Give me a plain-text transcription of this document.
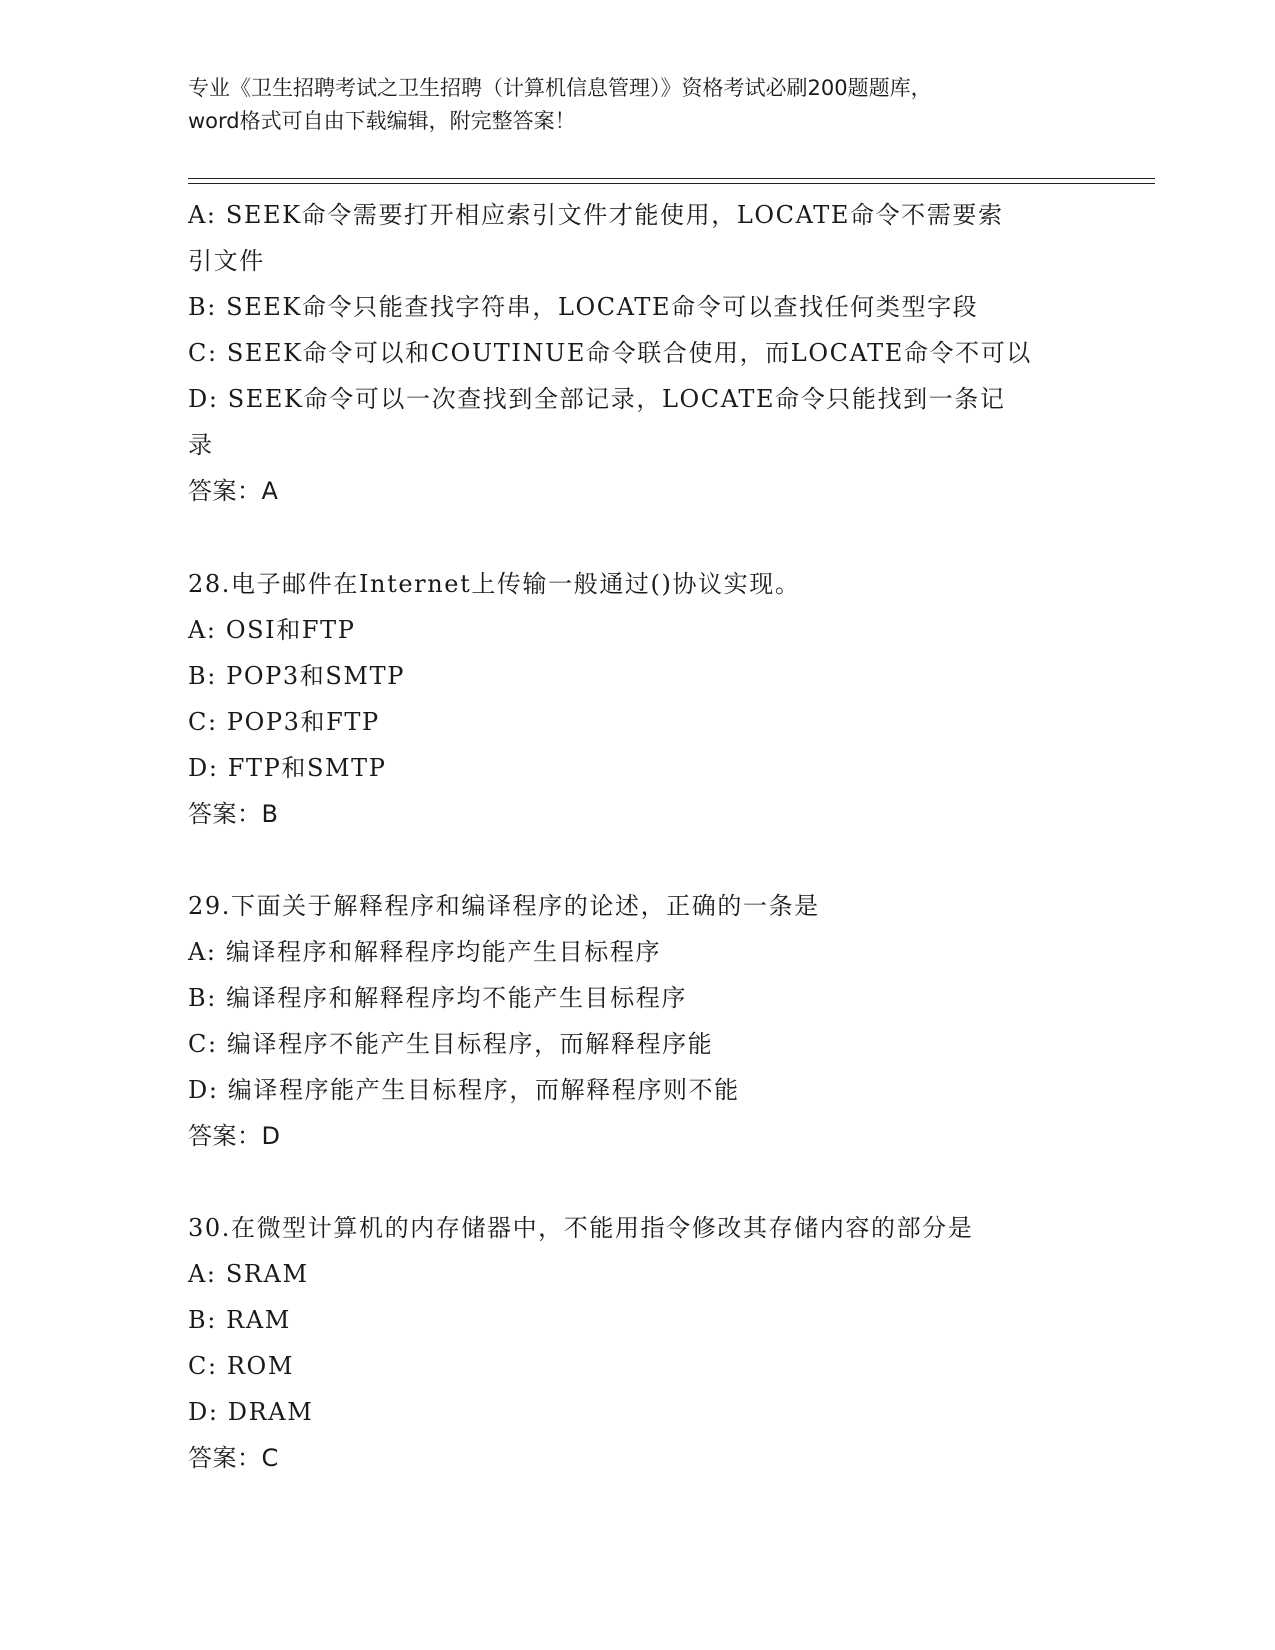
专业《卫生招聘考试之卫生招聘（计算机信息管理）》资格考试必刷200题题库，
word格式可自由下载编辑，附完整答案！

A: SEEK命令需要打开相应索引文件才能使用，LOCATE命令不需要索

引文件

B: SEEK命令只能查找字符串，LOCATE命令可以查找任何类型字段

C: SEEK命令可以和COUTINUE命令联合使用，而LOCATE命令不可以

D: SEEK命令可以一次查找到全部记录，LOCATE命令只能找到一条记

录

答案：A

28.电子邮件在Internet上传输一般通过()协议实现。

A: OSI和FTP

B: POP3和SMTP

C: POP3和FTP

D: FTP和SMTP

答案：B

29.下面关于解释程序和编译程序的论述，正确的一条是

A: 编译程序和解释程序均能产生目标程序

B: 编译程序和解释程序均不能产生目标程序

C: 编译程序不能产生目标程序，而解释程序能

D: 编译程序能产生目标程序，而解释程序则不能

答案：D

30.在微型计算机的内存储器中，不能用指令修改其存储内容的部分是

A: SRAM

B: RAM

C: ROM

D: DRAM

答案：C
